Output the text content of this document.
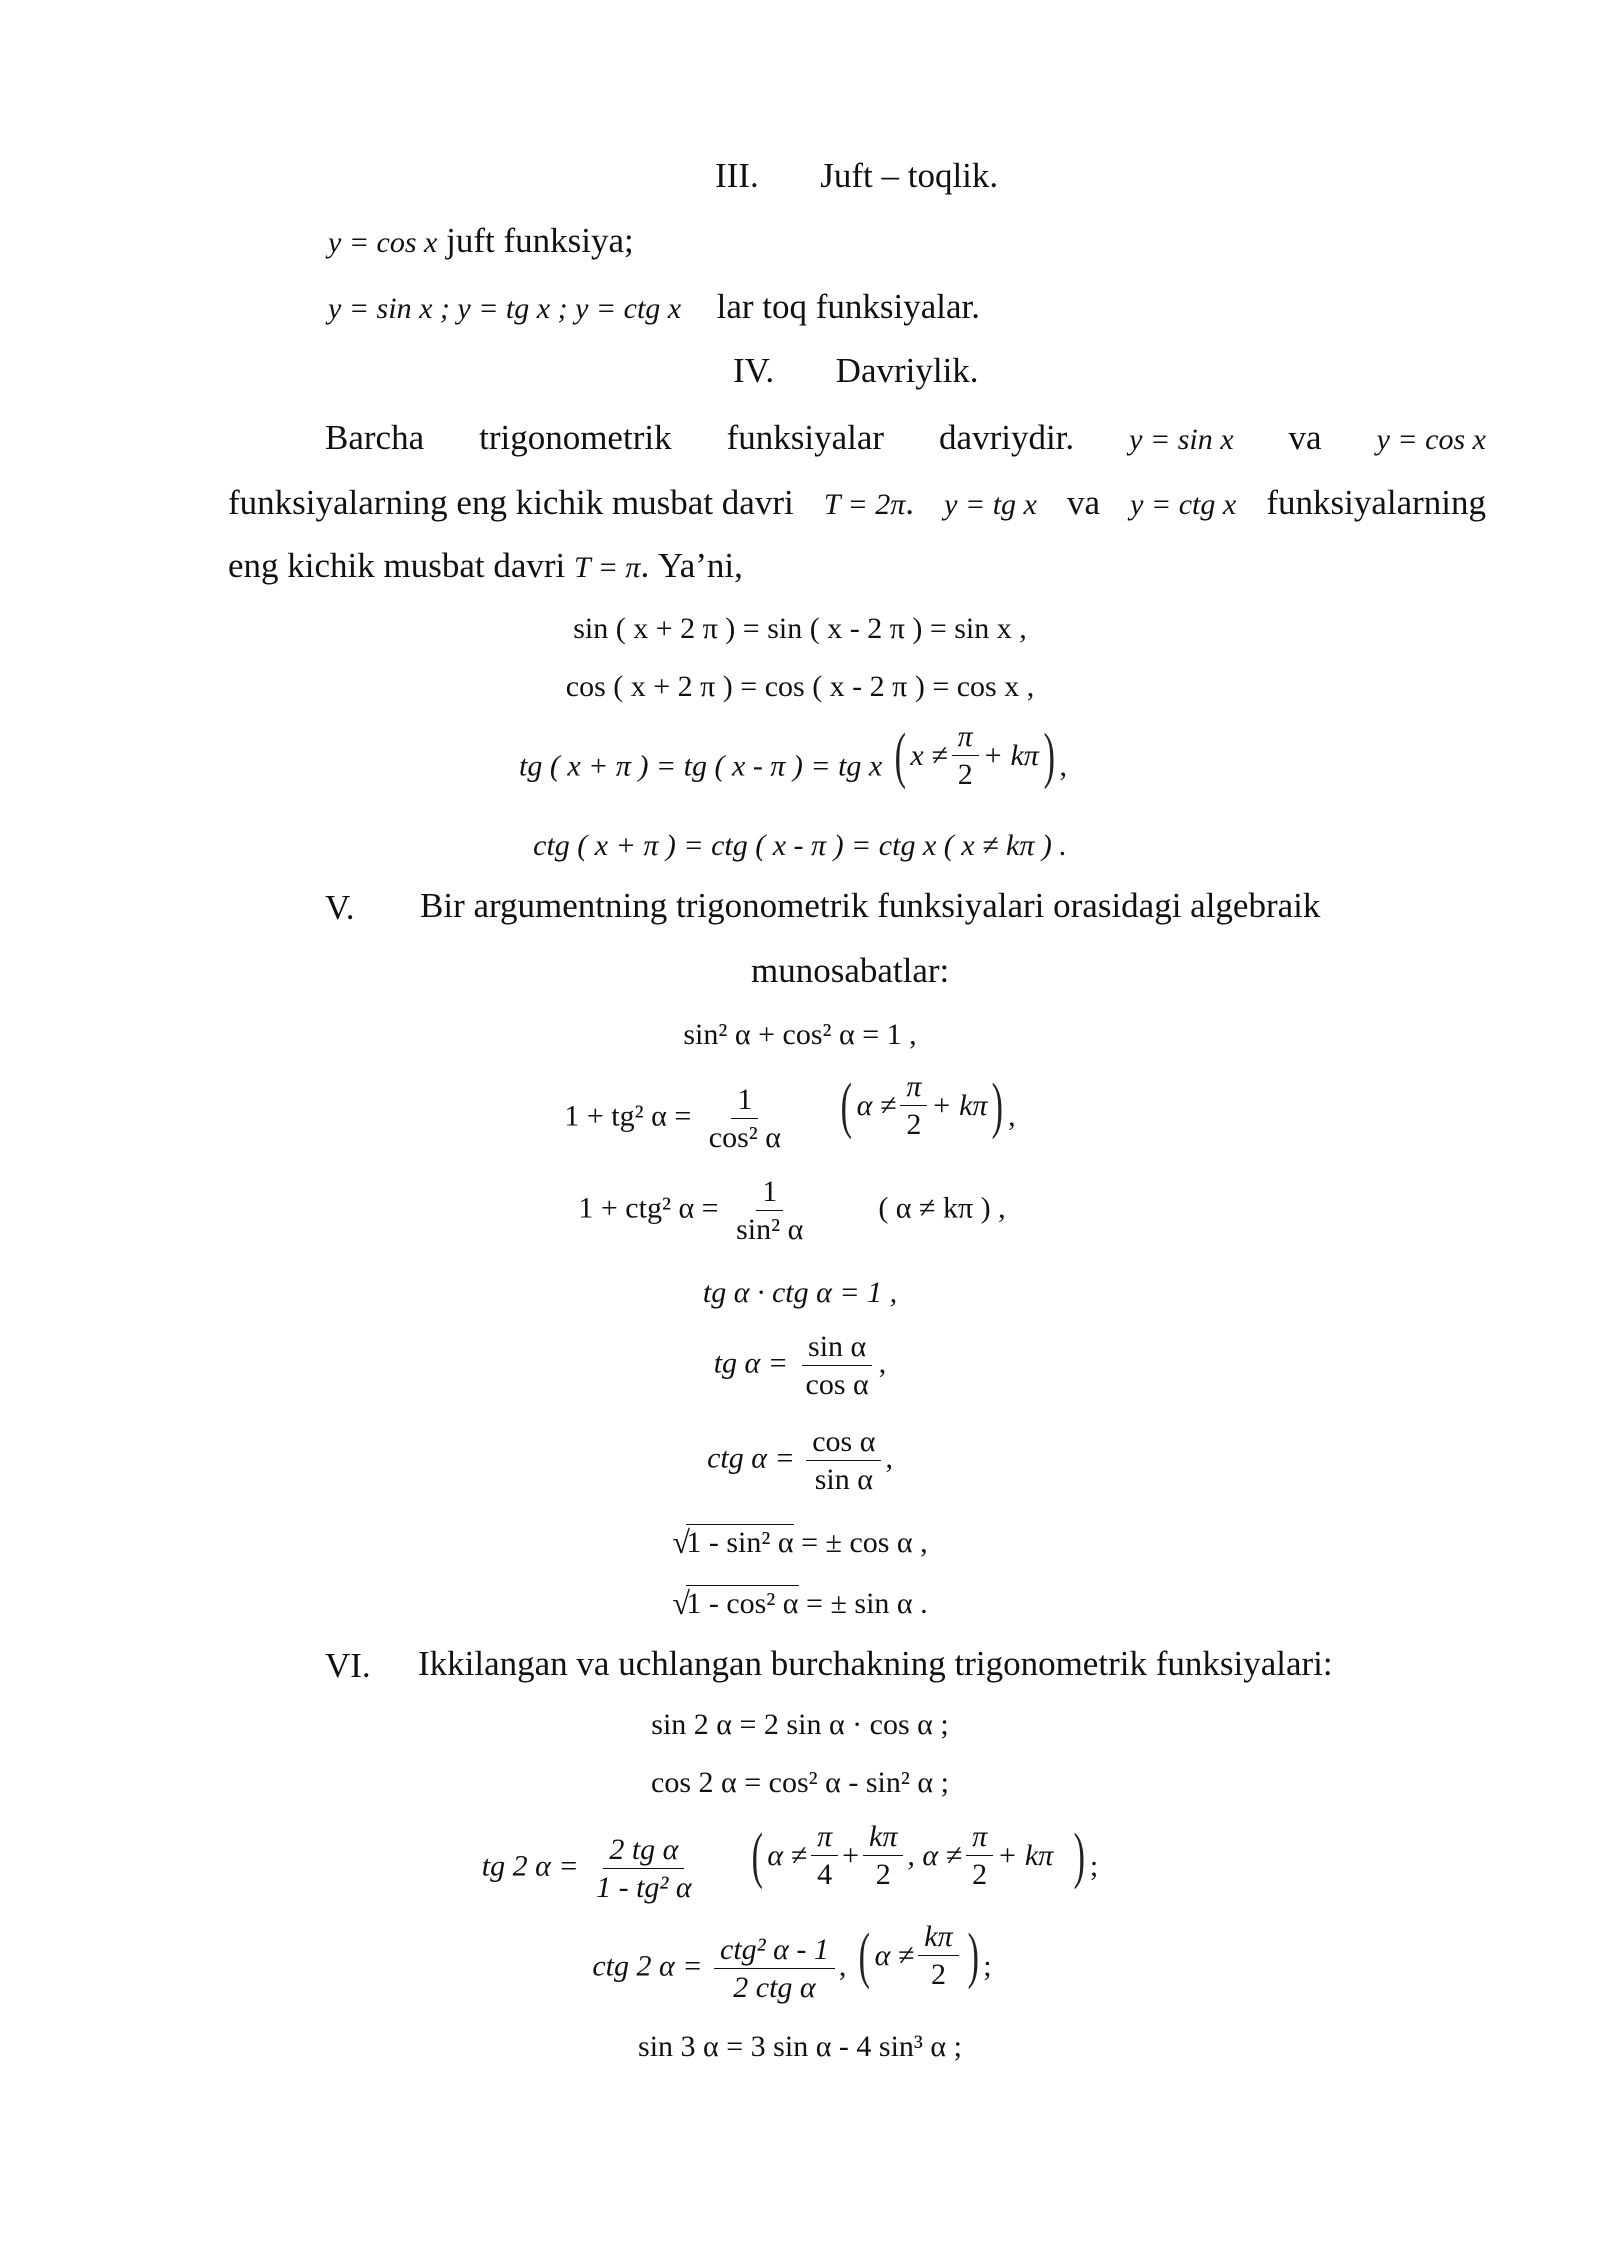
III. Juft – toqlik.
y = cos x juft funksiya;
y = sin x ; y = tg x ; y = ctg x lar toq funksiyalar.
IV. Davriylik.
Barcha trigonometrik funksiyalar davriydir. y = sin x va y = cos x
funksiyalarning eng kichik musbat davri T = 2π. y = tg x va y = ctg x funksiyalarning
eng kichik musbat davri T = π. Ya’ni,
sin ( x + 2 π ) = sin ( x - 2 π ) = sin x ,
cos ( x + 2 π ) = cos ( x - 2 π ) = cos x ,
tg ( x + π ) = tg ( x - π ) = tg x ( $x \ne \frac{\pi}{2} + k\pi$ ) ,
ctg ( x + π ) = ctg ( x - π ) = ctg x ( x ≠ kπ ) .
V. Bir argumentning trigonometrik funksiyalari orasidagi algebraik
munosabatlar:
sin² α + cos² α = 1 ,
1 + tg² $\alpha = \frac{1}{\text{cos² α}}$
( $\alpha \ne \frac{\pi}{2} + k\pi$ ) ,
1 + ctg² $\alpha = \frac{1}{\text{sin² α}}$ ( α ≠ kπ ) ,
tg α · ctg α = 1 ,
tg $\alpha = \frac{\text{sin α}}{\text{cos α}}$ ,
ctg $\alpha = \frac{\text{cos α}}{\text{sin α}}$ ,
√
1 - sin² α = ± cos α ,
√
1 - cos² α = ± sin α .
VI. Ikkilangan va uchlangan burchakning trigonometrik funksiyalari:
sin 2 α = 2 sin α · cos α ;
cos 2 α = cos² α - sin² α ;
tg 2 $\alpha = \frac{\text{2 tg α}}{\text{1 - tg² α}}$
( $\alpha \ne \frac{\pi}{4} + \frac{k\pi}{2}$ , $\alpha \ne \frac{\pi}{2} + k\pi$ ) ;
ctg 2 $\alpha = \frac{\text{ctg² α - 1}}{\text{2 ctg α}}$ , ( $\alpha \ne \frac{k\pi}{2}$ ) ;
sin 3 α = 3 sin α - 4 sin³ α ;
